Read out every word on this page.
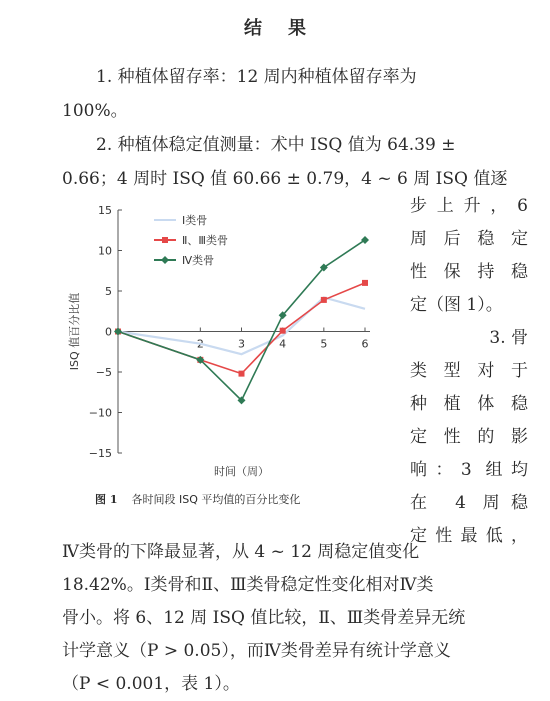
结果

1. 种植体留存率：12 周内种植体留存率为

100%。

2. 种植体稳定值测量：术中 ISQ 值为 64.39 ±

0.66；4 周时 ISQ 值 60.66 ± 0.79，4 ~ 6 周 ISQ 值逐

步上升，6
周后稳定
性保持稳
定（图 1）。
3. 骨
类型对于
种植体稳
定性的影
响：3 组均
在 4 周稳
定性最低，
15
10
5
0
−5
−10
−15
2	3	4	5	6
时间（周）
ISQ 值百分比值
Ⅰ类骨
Ⅱ、Ⅲ类骨
Ⅳ类骨
图 1 各时间段 ISQ 平均值的百分比变化
Ⅳ类骨的下降最显著，从 4 ~ 12 周稳定值变化
18.42%。Ⅰ类骨和Ⅱ、Ⅲ类骨稳定性变化相对Ⅳ类
骨小。将 6、12 周 ISQ 值比较，Ⅱ、Ⅲ类骨差异无统
计学意义（P > 0.05），而Ⅳ类骨差异有统计学意义
（P < 0.001，表 1）。
